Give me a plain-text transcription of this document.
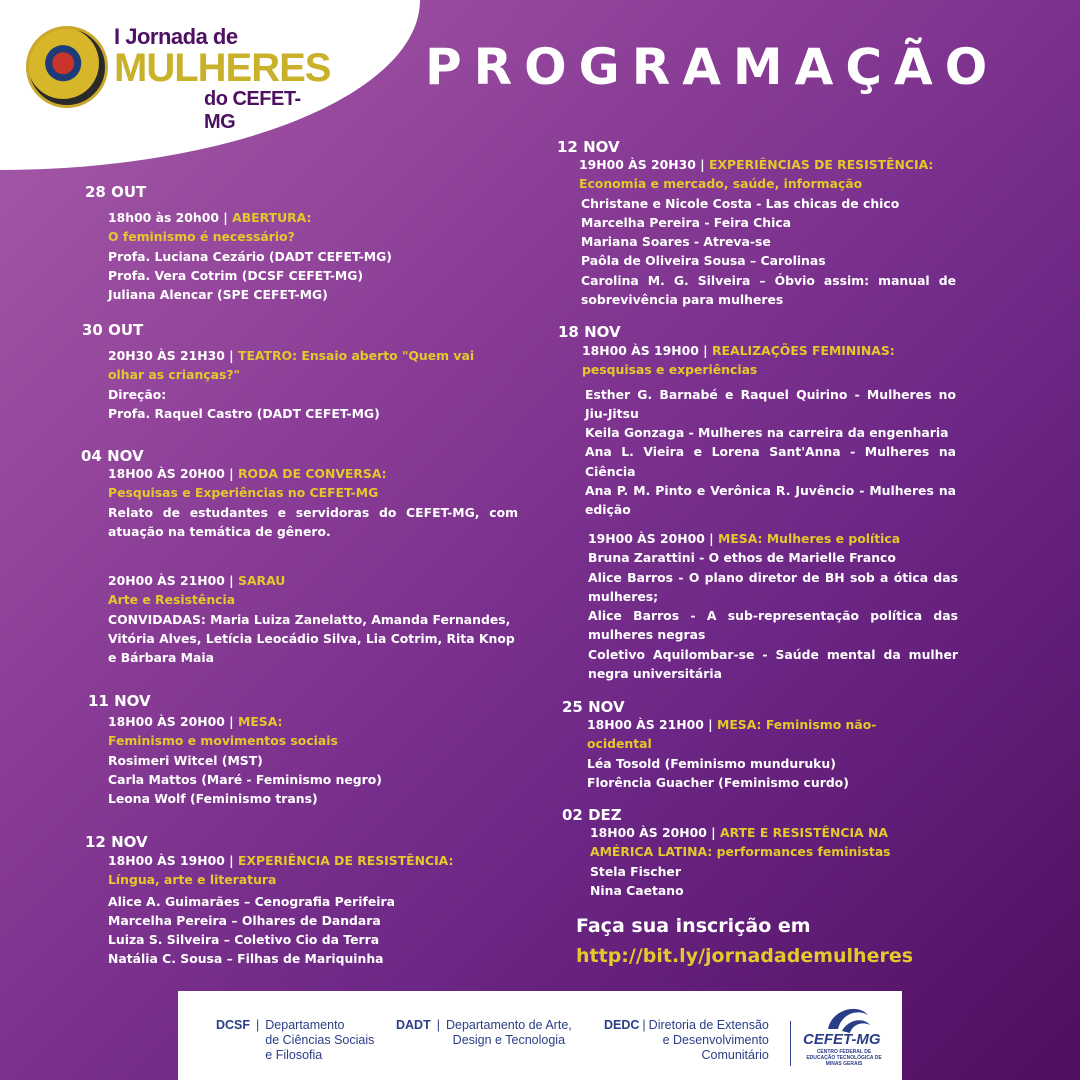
I Jornada de
MULHERES
do CEFET-MG
PROGRAMAÇÃO
28 OUT
18h00 às 20h00 | ABERTURA:
O feminismo é necessário?
Profa. Luciana Cezário (DADT CEFET-MG)
Profa. Vera Cotrim (DCSF CEFET-MG)
Juliana Alencar (SPE CEFET-MG)
30 OUT
20H30 ÀS 21H30 | TEATRO: Ensaio aberto "Quem vai
olhar as crianças?"
Direção:
Profa. Raquel Castro (DADT CEFET-MG)
04 NOV
18H00 ÀS 20H00 | RODA DE CONVERSA:
Pesquisas e Experiências no CEFET-MG
Relato de estudantes e servidoras do CEFET-MG, com atuação na temática de gênero.
20H00 ÀS 21H00 | SARAU
Arte e Resistência
CONVIDADAS: Maria Luiza Zanelatto, Amanda Fernandes, Vitória Alves, Letícia Leocádio Silva, Lia Cotrim, Rita Knop e Bárbara Maia
11 NOV
18H00 ÀS 20H00 | MESA:
Feminismo e movimentos sociais
Rosimeri Witcel (MST)
Carla Mattos (Maré - Feminismo negro)
Leona Wolf (Feminismo trans)
12 NOV
18H00 ÀS 19H00 | EXPERIÊNCIA DE RESISTÊNCIA:
Língua, arte e literatura
Alice A. Guimarães – Cenografia Perifeira
Marcelha Pereira – Olhares de Dandara
Luiza S. Silveira – Coletivo Cio da Terra
Natália C. Sousa – Filhas de Mariquinha
12 NOV
19H00 ÀS 20H30 | EXPERIÊNCIAS DE RESISTÊNCIA:
Economia e mercado, saúde, informação
Christane e Nicole Costa - Las chicas de chico
Marcelha Pereira - Feira Chica
Mariana Soares - Atreva-se
Paôla de Oliveira Sousa – Carolinas
Carolina M. G. Silveira – Óbvio assim: manual de sobrevivência para mulheres
18 NOV
18H00 ÀS 19H00 | REALIZAÇÕES FEMININAS:
pesquisas e experiências
Esther G. Barnabé e Raquel Quirino - Mulheres no Jiu-Jitsu
Keila Gonzaga - Mulheres na carreira da engenharia
Ana L. Vieira e Lorena Sant'Anna - Mulheres na Ciência
Ana P. M. Pinto e Verônica R. Juvêncio - Mulheres na edição
19H00 ÀS 20H00 | MESA: Mulheres e política
Bruna Zarattini - O ethos de Marielle Franco
Alice Barros - O plano diretor de BH sob a ótica das mulheres;
Alice Barros - A sub-representação política das mulheres negras
Coletivo Aquilombar-se - Saúde mental da mulher negra universitária
25 NOV
18H00 ÀS 21H00 | MESA: Feminismo não-
ocidental
Léa Tosold (Feminismo munduruku)
Florência Guacher (Feminismo curdo)
02 DEZ
18H00 ÀS 20H00 | ARTE E RESISTÊNCIA NA
AMÉRICA LATINA: performances feministas
Stela Fischer
Nina Caetano
Faça sua inscrição em
http://bit.ly/jornadademulheres
DCSF | Departamento
de Ciências Sociais
e Filosofia
DADT | Departamento de Arte,
Design e Tecnologia
DEDC | Diretoria de Extensão
e Desenvolvimento
Comunitário
CEFET-MG
CENTRO FEDERAL DE EDUCAÇÃO TECNOLÓGICA DE MINAS GERAIS
